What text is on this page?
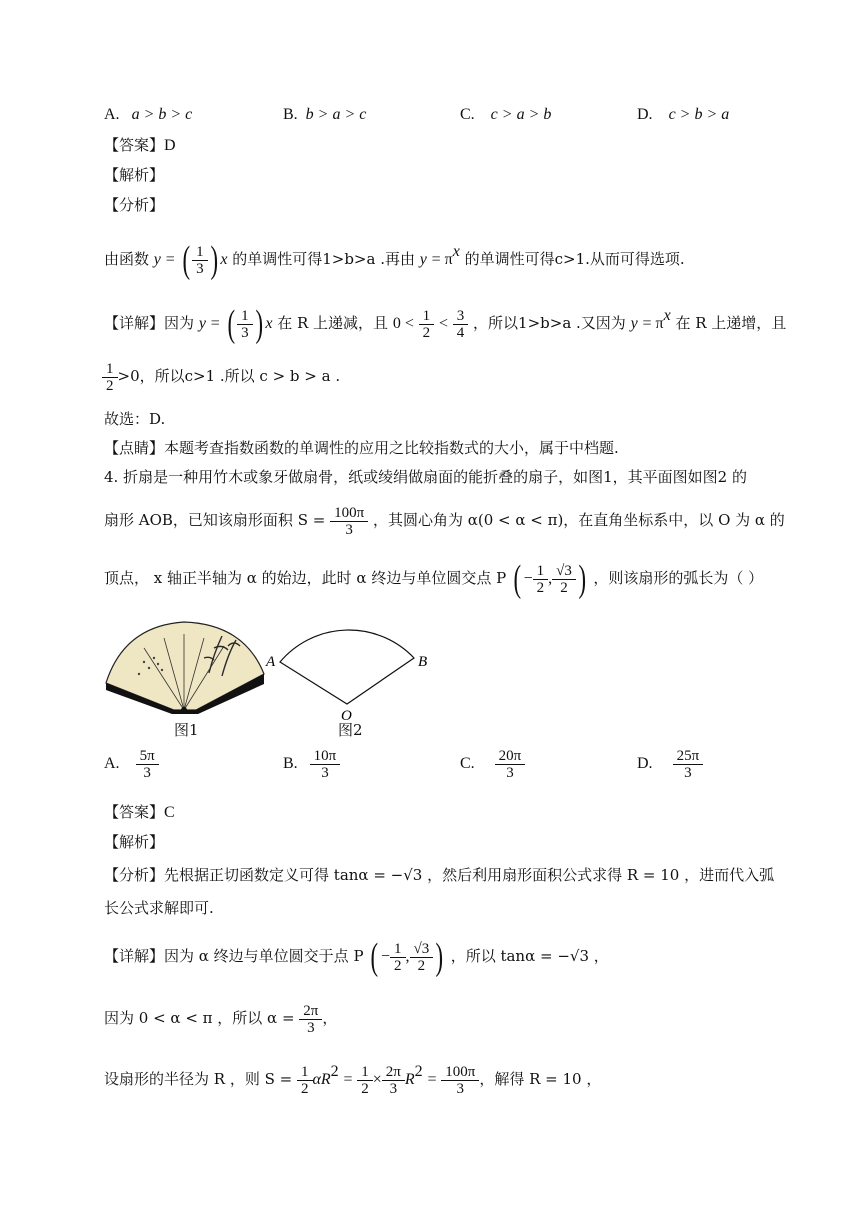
A. a > b > c	B. b > a > c	C. c > a > b	D. c > b > a
【答案】D
【解析】
【分析】
由函数 y = ( $\frac{1}{3}$ ) x 的单调性可得1>b>a .再由 $y = \pi^x$ 的单调性可得c>1.从而可得选项.
【详解】因为 y = ( $\frac{1}{3}$ ) x 在 R 上递减，且 $0 < \frac{1}{2} < \frac{3}{4}$ ，所以1>b>a .又因为 $y = \pi^x$ 在 R 上递增，且
$\frac{1}{2} >0$，所以c>1 .所以 c > b > a .
故选：D.
【点睛】本题考查指数函数的单调性的应用之比较指数式的大小，属于中档题.
4. 折扇是一种用竹木或象牙做扇骨，纸或绫绢做扇面的能折叠的扇子，如图1，其平面图如图2 的
扇形 AOB，已知该扇形面积 $S = \frac{100\pi}{3}$ ，其圆心角为 α(0 < α < π)，在直角坐标系中，以 O 为 α 的
顶点， x 轴正半轴为 α 的始边，此时 α 终边与单位圆交点 P ( − $\frac{1}{2}$ , $\frac{√3}{2}$ ) ，则该扇形的弧长为（ ）
图1
A	B
O
图2
A. $\frac{5\pi}{3}$	B. $\frac{10\pi}{3}$	C. $\frac{20\pi}{3}$	D. $\frac{25\pi}{3}$
【答案】C
【解析】
【分析】先根据正切函数定义可得 tanα = −√3 ，然后利用扇形面积公式求得 R = 10 ，进而代入弧
长公式求解即可.
【详解】因为 α 终边与单位圆交于点 P ( − $\frac{1}{2}$ , $\frac{√3}{2}$ ) ，所以 tanα = −√3 ，
因为 0 < α < π ，所以 $\alpha = \frac{2\pi}{3}$ ，
设扇形的半径为 R ，则 $S = \frac{1}{2} \alpha R^2 = \frac{1}{2} \times \frac{2\pi}{3} R^2 = \frac{100\pi}{3}$ ，解得 R = 10 ，
